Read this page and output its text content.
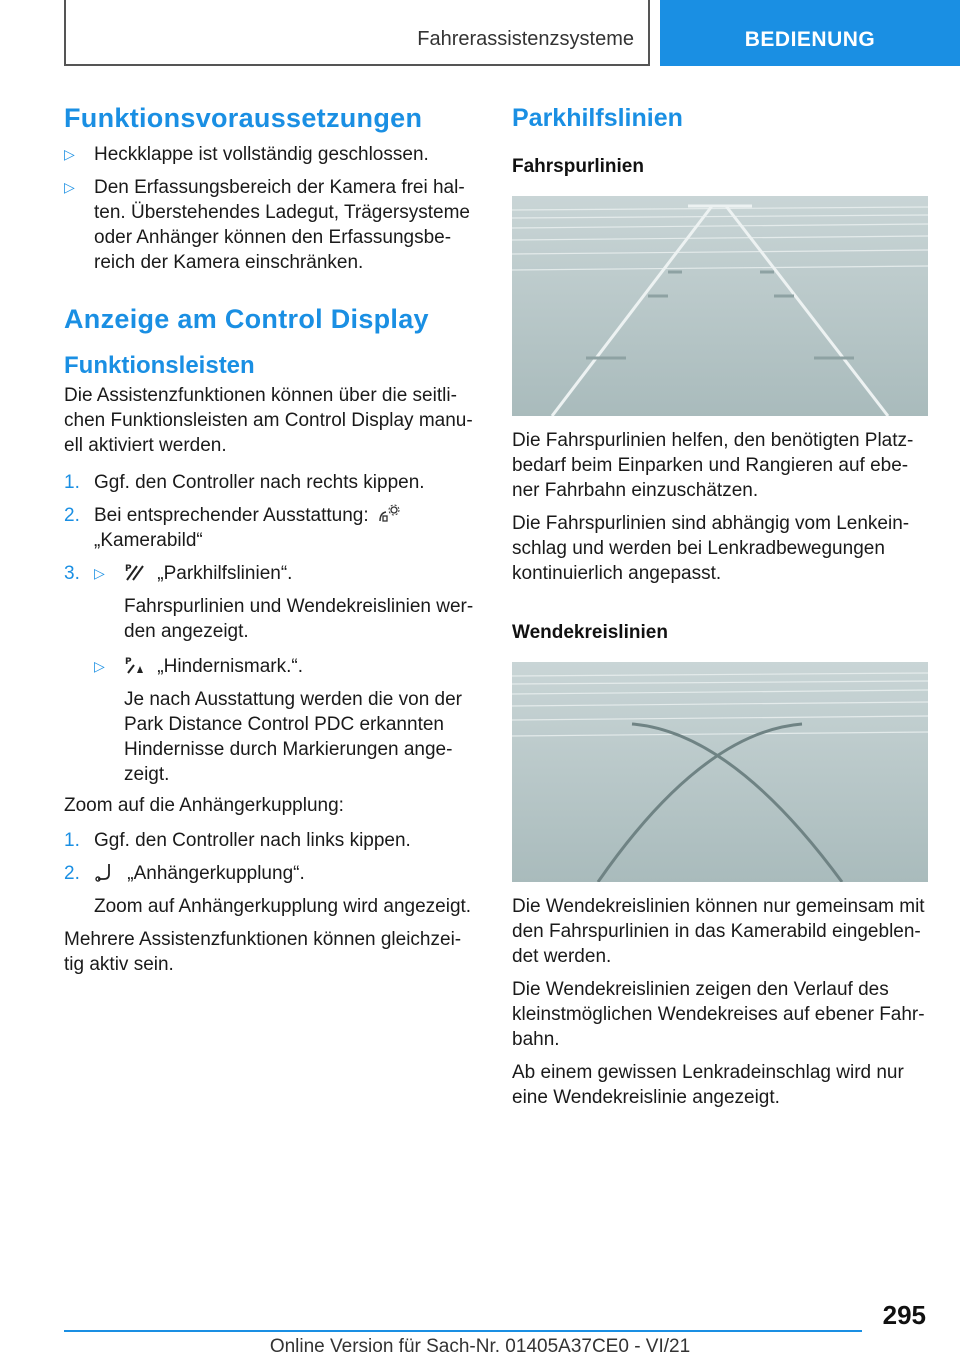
Fahrerassistenzsysteme	BEDIENUNG
Funktionsvoraussetzungen
▷ Heckklappe ist vollständig geschlossen.
▷ Den Erfassungsbereich der Kamera frei hal-ten. Überstehendes Ladegut, Trägersysteme oder Anhänger können den Erfassungsbe-reich der Kamera einschränken.
Anzeige am Control Display
Funktionsleisten

Die Assistenzfunktionen können über die seitli-chen Funktionsleisten am Control Display manu-ell aktiviert werden.

1. Ggf. den Controller nach rechts kippen.
2. Bei entsprechender Ausstattung:
„Kamerabild“
3. ▷ P „Parkhilfslinien“.
Fahrspurlinien und Wendekreislinien wer-den angezeigt.
▷ P „Hindernismark.“.
Je nach Ausstattung werden die von der Park Distance Control PDC erkannten Hindernisse durch Markierungen ange-zeigt.

Zoom auf die Anhängerkupplung:

1. Ggf. den Controller nach links kippen.
2. „Anhängerkupplung“.
Zoom auf Anhängerkupplung wird angezeigt.

Mehrere Assistenzfunktionen können gleichzei-tig aktiv sein.

Parkhilfslinien
Fahrspurlinien

Die Fahrspurlinien helfen, den benötigten Platz-bedarf beim Einparken und Rangieren auf ebe-ner Fahrbahn einzuschätzen.

Die Fahrspurlinien sind abhängig vom Lenkein-schlag und werden bei Lenkradbewegungen kontinuierlich angepasst.

Wendekreislinien

Die Wendekreislinien können nur gemeinsam mit den Fahrspurlinien in das Kamerabild eingeblen-det werden.

Die Wendekreislinien zeigen den Verlauf des kleinstmöglichen Wendekreises auf ebener Fahr-bahn.

Ab einem gewissen Lenkradeinschlag wird nur eine Wendekreislinie angezeigt.

295
Online Version für Sach-Nr. 01405A37CE0 - VI/21
